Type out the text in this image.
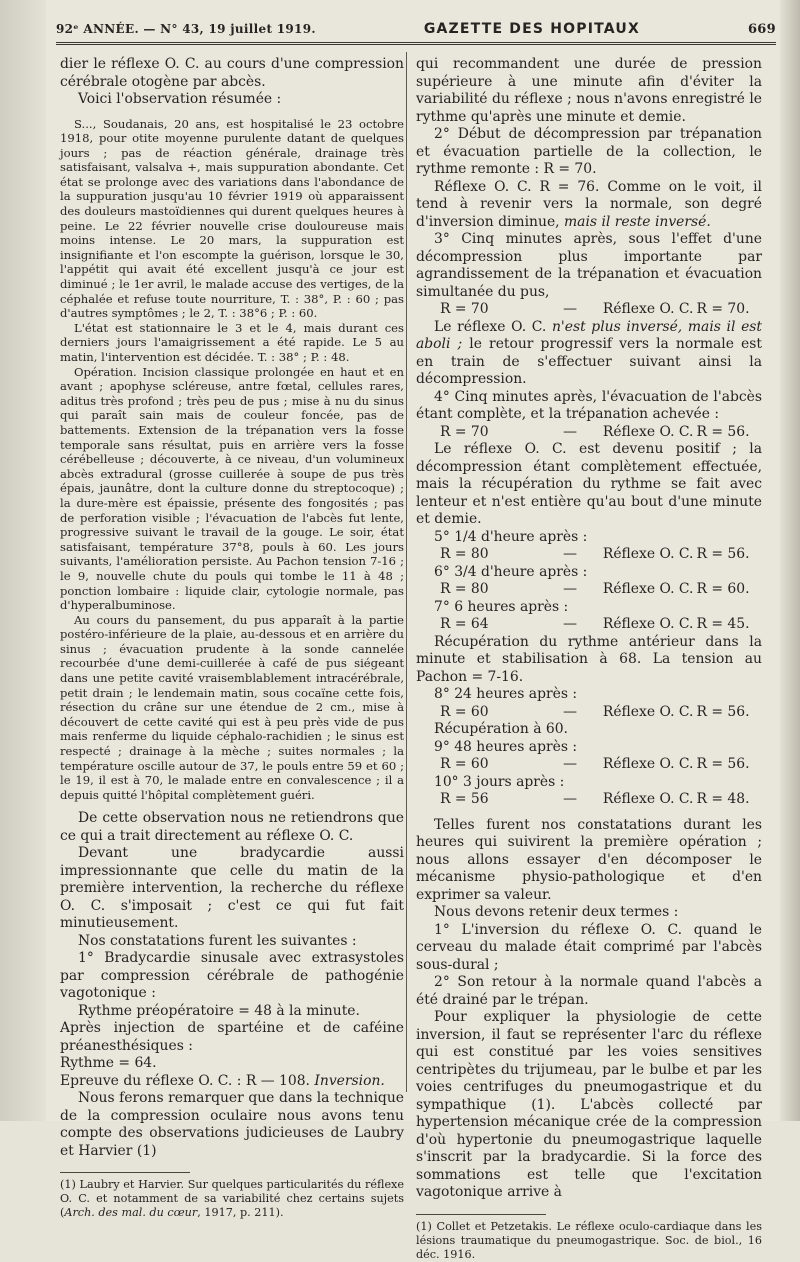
92ᵉ ANNÉE. — N° 43, 19 juillet 1919.	GAZETTE DES HOPITAUX	669

dier le réflexe O. C. au cours d'une compression cérébrale otogène par abcès.

Voici l'observation résumée :

S..., Soudanais, 20 ans, est hospitalisé le 23 octobre 1918, pour otite moyenne purulente datant de quelques jours ; pas de réaction générale, drainage très satisfaisant, valsalva +, mais suppuration abondante. Cet état se prolonge avec des variations dans l'abondance de la suppuration jusqu'au 10 février 1919 où apparaissent des douleurs mastoïdiennes qui durent quelques heures à peine. Le 22 février nouvelle crise douloureuse mais moins intense. Le 20 mars, la suppuration est insignifiante et l'on escompte la guérison, lorsque le 30, l'appétit qui avait été excellent jusqu'à ce jour est diminué ; le 1er avril, le malade accuse des vertiges, de la céphalée et refuse toute nourriture, T. : 38°, P. : 60 ; pas d'autres symptômes ; le 2, T. : 38°6 ; P. : 60.

L'état est stationnaire le 3 et le 4, mais durant ces derniers jours l'amaigrissement a été rapide. Le 5 au matin, l'intervention est décidée. T. : 38° ; P. : 48.

Opération. Incision classique prolongée en haut et en avant ; apophyse scléreuse, antre fœtal, cellules rares, aditus très profond ; très peu de pus ; mise à nu du sinus qui paraît sain mais de couleur foncée, pas de battements. Extension de la trépanation vers la fosse temporale sans résultat, puis en arrière vers la fosse cérébelleuse ; découverte, à ce niveau, d'un volumineux abcès extradural (grosse cuillerée à soupe de pus très épais, jaunâtre, dont la culture donne du streptocoque) ; la dure-mère est épaissie, présente des fongosités ; pas de perforation visible ; l'évacuation de l'abcès fut lente, progressive suivant le travail de la gouge. Le soir, état satisfaisant, température 37°8, pouls à 60. Les jours suivants, l'amélioration persiste. Au Pachon tension 7-16 ; le 9, nouvelle chute du pouls qui tombe le 11 à 48 ; ponction lombaire : liquide clair, cytologie normale, pas d'hyperalbuminose.

Au cours du pansement, du pus apparaît à la partie postéro-inférieure de la plaie, au-dessous et en arrière du sinus ; évacuation prudente à la sonde cannelée recourbée d'une demi-cuillerée à café de pus siégeant dans une petite cavité vraisemblablement intracérébrale, petit drain ; le lendemain matin, sous cocaïne cette fois, résection du crâne sur une étendue de 2 cm., mise à découvert de cette cavité qui est à peu près vide de pus mais renferme du liquide céphalo-rachidien ; le sinus est respecté ; drainage à la mèche ; suites normales ; la température oscille autour de 37, le pouls entre 59 et 60 ; le 19, il est à 70, le malade entre en convalescence ; il a depuis quitté l'hôpital complètement guéri.

De cette observation nous ne retiendrons que ce qui a trait directement au réflexe O. C.

Devant une bradycardie aussi impressionnante que celle du matin de la première intervention, la recherche du réflexe O. C. s'imposait ; c'est ce qui fut fait minutieusement.

Nos constatations furent les suivantes :

1° Bradycardie sinusale avec extrasystoles par compression cérébrale de pathogénie vagotonique :

Rythme préopératoire = 48 à la minute.

Après injection de spartéine et de caféine préanesthésiques :

Rythme = 64.

Epreuve du réflexe O. C. : R — 108. Inversion.

Nous ferons remarquer que dans la technique de la compression oculaire nous avons tenu compte des observations judicieuses de Laubry et Harvier (1)

(1) Laubry et Harvier. Sur quelques particularités du réflexe O. C. et notamment de sa variabilité chez certains sujets (Arch. des mal. du cœur, 1917, p. 211).

qui recommandent une durée de pression supérieure à une minute afin d'éviter la variabilité du réflexe ; nous n'avons enregistré le rythme qu'après une minute et demie.

2° Début de décompression par trépanation et évacuation partielle de la collection, le rythme remonte : R = 70.

Réflexe O. C. R = 76. Comme on le voit, il tend à revenir vers la normale, son degré d'inversion diminue, mais il reste inversé.

3° Cinq minutes après, sous l'effet d'une décompression plus importante par agrandissement de la trépanation et évacuation simultanée du pus,

R = 70	—	Réflexe O. C. R = 70.

Le réflexe O. C. n'est plus inversé, mais il est aboli ; le retour progressif vers la normale est en train de s'effectuer suivant ainsi la décompression.

4° Cinq minutes après, l'évacuation de l'abcès étant complète, et la trépanation achevée :

R = 70	—	Réflexe O. C. R = 56.

Le réflexe O. C. est devenu positif ; la décompression étant complètement effectuée, mais la récupération du rythme se fait avec lenteur et n'est entière qu'au bout d'une minute et demie.

5° 1/4 d'heure après :

R = 80	—	Réflexe O. C. R = 56.

6° 3/4 d'heure après :

R = 80	—	Réflexe O. C. R = 60.

7° 6 heures après :

R = 64	—	Réflexe O. C. R = 45.

Récupération du rythme antérieur dans la minute et stabilisation à 68. La tension au Pachon = 7-16.

8° 24 heures après :

R = 60	—	Réflexe O. C. R = 56.

Récupération à 60.

9° 48 heures après :

R = 60	—	Réflexe O. C. R = 56.

10° 3 jours après :

R = 56	—	Réflexe O. C. R = 48.

Telles furent nos constatations durant les heures qui suivirent la première opération ; nous allons essayer d'en décomposer le mécanisme physio-pathologique et d'en exprimer sa valeur.

Nous devons retenir deux termes :

1° L'inversion du réflexe O. C. quand le cerveau du malade était comprimé par l'abcès sous-dural ;

2° Son retour à la normale quand l'abcès a été drainé par le trépan.

Pour expliquer la physiologie de cette inversion, il faut se représenter l'arc du réflexe qui est constitué par les voies sensitives centripètes du trijumeau, par le bulbe et par les voies centrifuges du pneumogastrique et du sympathique (1). L'abcès collecté par hypertension mécanique crée de la compression d'où hypertonie du pneumogastrique laquelle s'inscrit par la bradycardie. Si la force des sommations est telle que l'excitation vagotonique arrive à

(1) Collet et Petzetakis. Le réflexe oculo-cardiaque dans les lésions traumatique du pneumogastrique. Soc. de biol., 16 déc. 1916.
